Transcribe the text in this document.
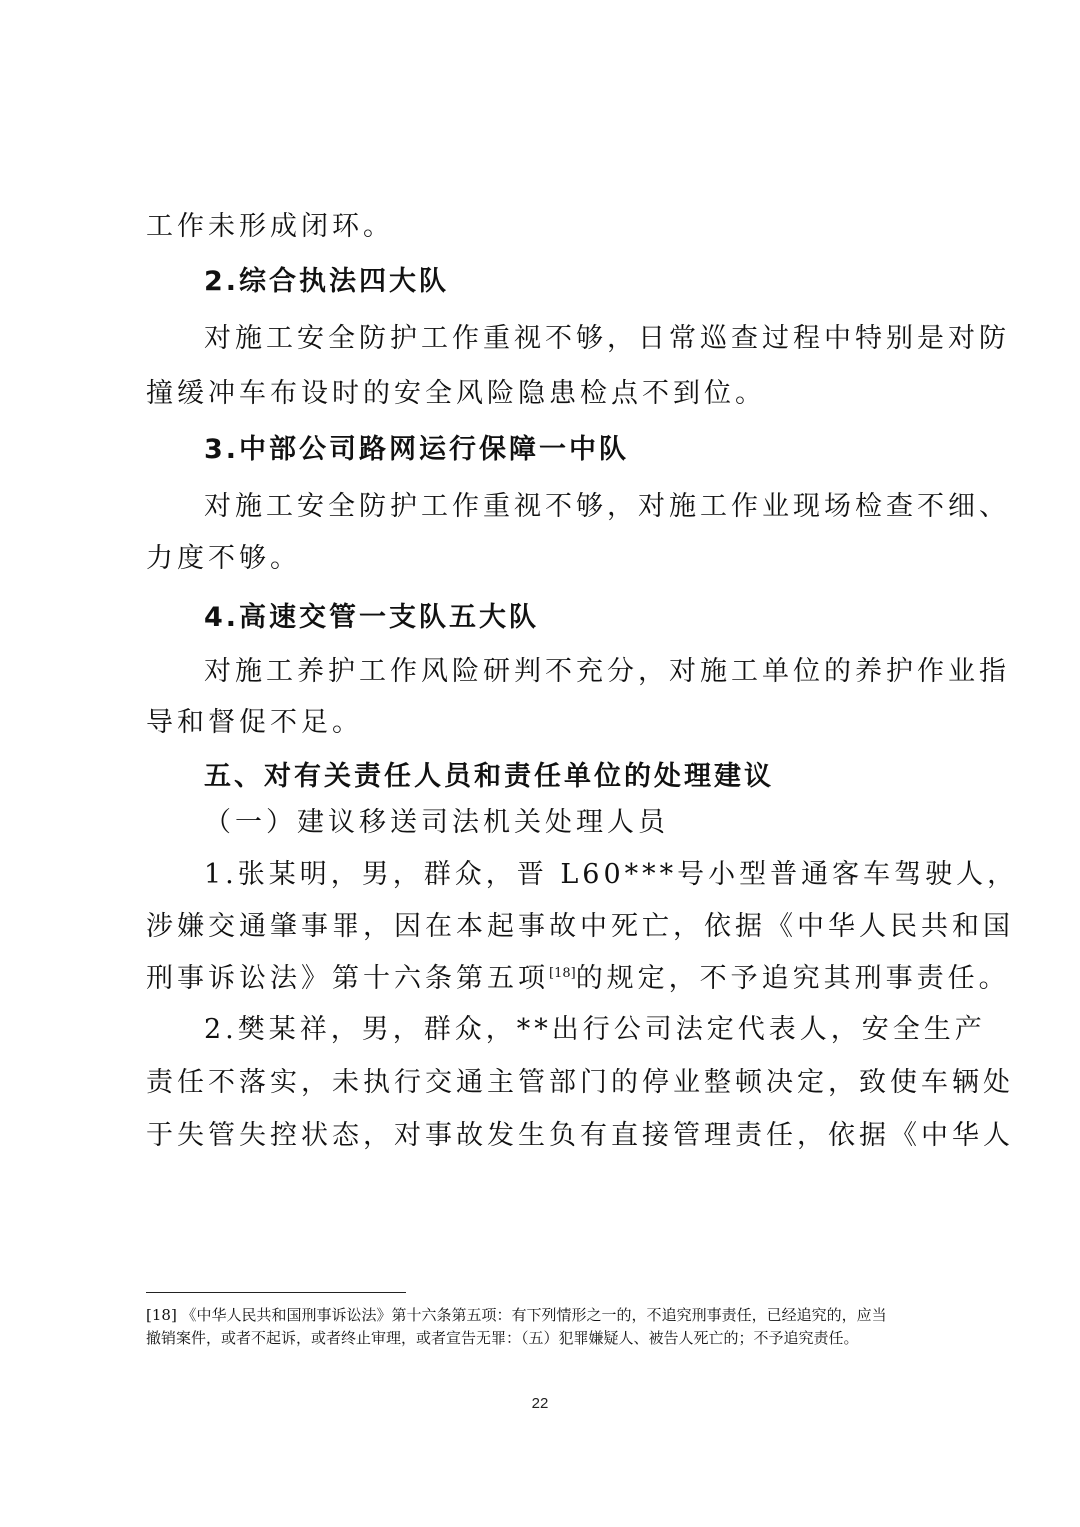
工作未形成闭环。
2.综合执法四大队
对施工安全防护工作重视不够，日常巡查过程中特别是对防
撞缓冲车布设时的安全风险隐患检点不到位。
3.中部公司路网运行保障一中队
对施工安全防护工作重视不够，对施工作业现场检查不细、
力度不够。
4.高速交管一支队五大队
对施工养护工作风险研判不充分，对施工单位的养护作业指
导和督促不足。
五、对有关责任人员和责任单位的处理建议
（一）建议移送司法机关处理人员
1.张某明，男，群众，晋 L60***号小型普通客车驾驶人，
涉嫌交通肇事罪，因在本起事故中死亡，依据《中华人民共和国
刑事诉讼法》第十六条第五项[18]的规定，不予追究其刑事责任。
2.樊某祥，男，群众，**出行公司法定代表人，安全生产
责任不落实，未执行交通主管部门的停业整顿决定，致使车辆处
于失管失控状态，对事故发生负有直接管理责任，依据《中华人
[18] 《中华人民共和国刑事诉讼法》第十六条第五项：有下列情形之一的，不追究刑事责任，已经追究的，应当
撤销案件，或者不起诉，或者终止审理，或者宣告无罪：（五）犯罪嫌疑人、被告人死亡的；不予追究责任。
22
